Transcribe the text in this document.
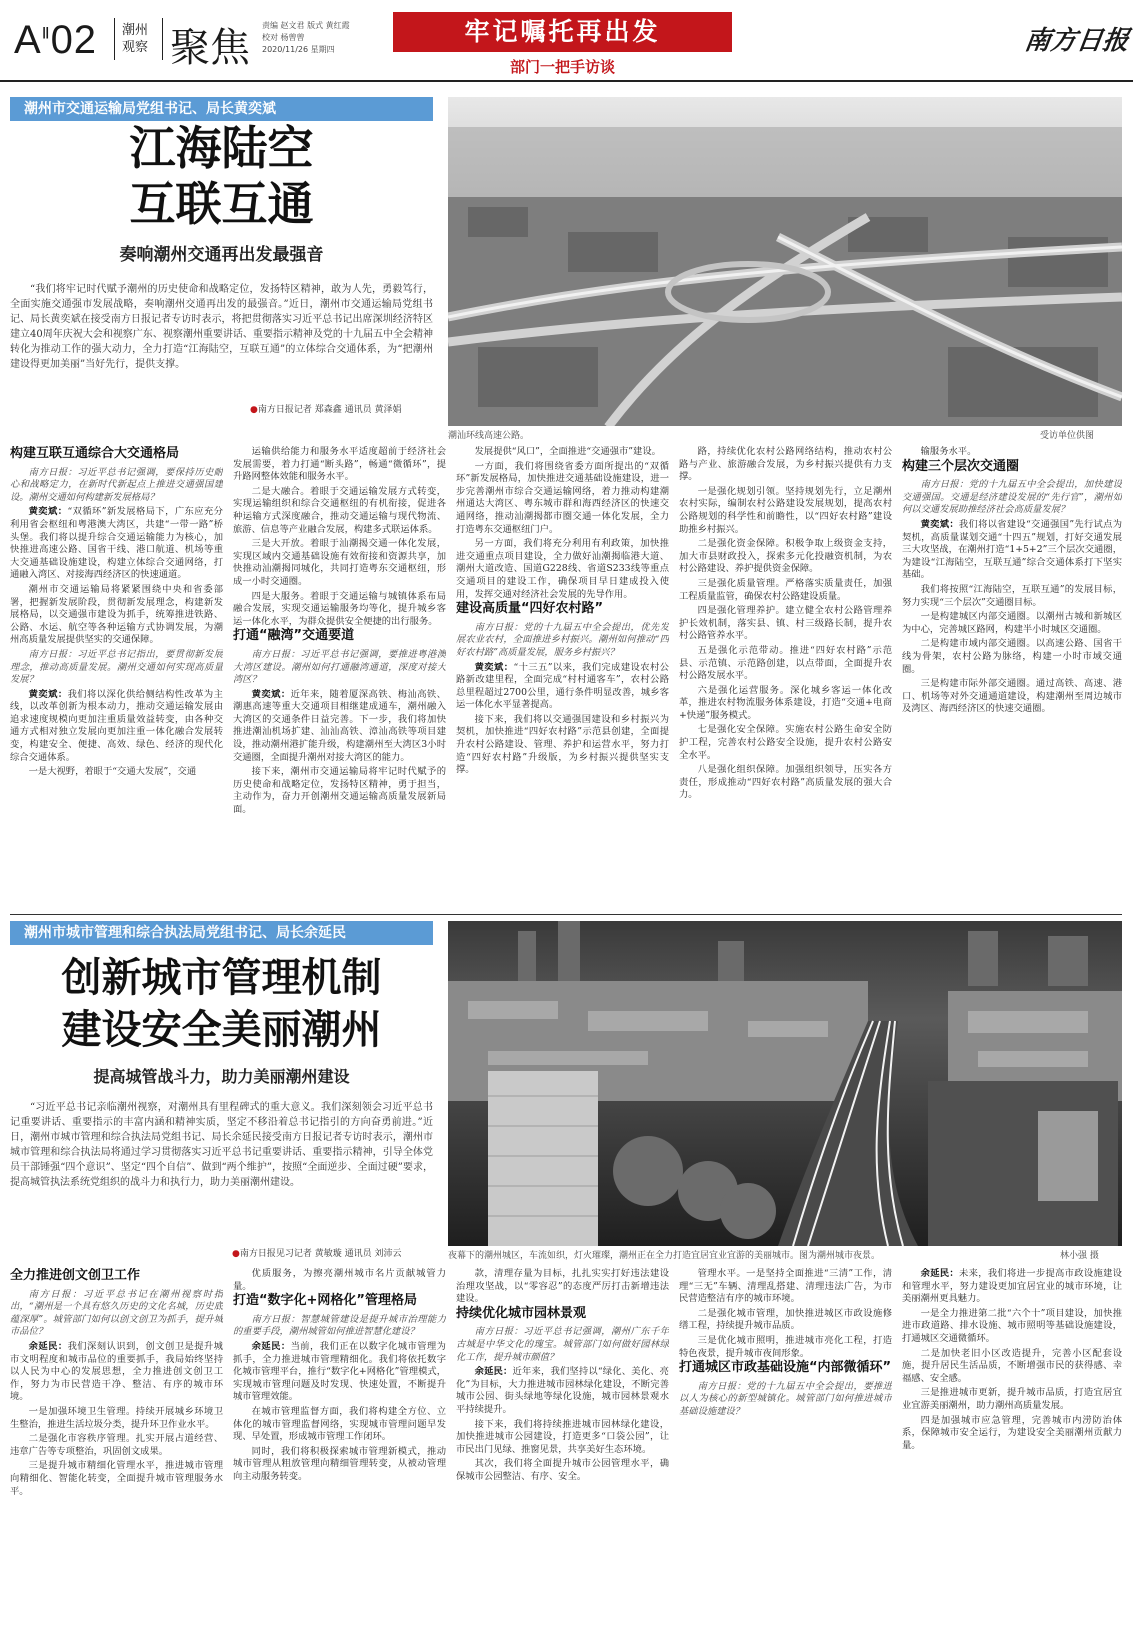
$A^Ⅱ02$ 潮州观察 聚焦 责编 赵文君 版式 黄红霞
校对 杨曾曾
2020/11/26 星期四
牢记嘱托再出发
部门一把手访谈
南方日报
潮州市交通运输局党组书记、局长黄奕斌
江海陆空
互联互通
奏响潮州交通再出发最强音
“我们将牢记时代赋予潮州的历史使命和战略定位，发扬特区精神，敢为人先，勇毅笃行，全面实施交通强市发展战略，奏响潮州交通再出发的最强音。”近日，潮州市交通运输局党组书记、局长黄奕斌在接受南方日报记者专访时表示，将把贯彻落实习近平总书记出席深圳经济特区建立40周年庆祝大会和视察广东、视察潮州重要讲话、重要指示精神及党的十九届五中全会精神转化为推动工作的强大动力，全力打造“江海陆空，互联互通”的立体综合交通体系，为“把潮州建设得更加美丽”当好先行，提供支撑。
●南方日报记者 郑森鑫 通讯员 黄泽娟
潮汕环线高速公路。	受访单位供图
构建互联互通综合大交通格局

南方日报：习近平总书记强调，要保持历史耐心和战略定力，在新时代新起点上推进交通强国建设。潮州交通如何构建新发展格局？

黄奕斌：“双循环”新发展格局下，广东应充分利用省会枢纽和粤港澳大湾区，共建“一带一路”桥头堡。我们将以提升综合交通运输能力为核心，加快推进高速公路、国省干线、港口航道、机场等重大交通基础设施建设，构建立体综合交通网络，打通融入湾区、对接海西经济区的快速通道。

潮州市交通运输局将紧紧围绕中央和省委部署，把握新发展阶段，贯彻新发展理念，构建新发展格局，以交通强市建设为抓手，统筹推进铁路、公路、水运、航空等各种运输方式协调发展，为潮州高质量发展提供坚实的交通保障。

南方日报：习近平总书记指出，要贯彻新发展理念，推动高质量发展。潮州交通如何实现高质量发展？

黄奕斌：我们将以深化供给侧结构性改革为主线，以改革创新为根本动力，推动交通运输发展由追求速度规模向更加注重质量效益转变，由各种交通方式相对独立发展向更加注重一体化融合发展转变，构建安全、便捷、高效、绿色、经济的现代化综合交通体系。

一是大视野，着眼于“交通大发展”，交通

运输供给能力和服务水平适度超前于经济社会发展需要，着力打通“断头路”，畅通“微循环”，提升路网整体效能和服务水平。

二是大融合。着眼于交通运输发展方式转变，实现运输组织和综合交通枢纽的有机衔接，促进各种运输方式深度融合，推动交通运输与现代物流、旅游、信息等产业融合发展，构建多式联运体系。

三是大开放。着眼于汕潮揭交通一体化发展，实现区域内交通基础设施有效衔接和资源共享，加快推动汕潮揭同城化，共同打造粤东交通枢纽，形成一小时交通圈。

四是大服务。着眼于交通运输与城镇体系布局融合发展，实现交通运输服务均等化，提升城乡客运一体化水平，为群众提供安全便捷的出行服务。

打通“融湾”交通要道

南方日报：习近平总书记强调，要推进粤港澳大湾区建设。潮州如何打通融湾通道，深度对接大湾区？

黄奕斌：近年来，随着厦深高铁、梅汕高铁、潮惠高速等重大交通项目相继建成通车，潮州融入大湾区的交通条件日益完善。下一步，我们将加快推进潮汕机场扩建、汕汕高铁、漳汕高铁等项目建设，推动潮州港扩能升级，构建潮州至大湾区3小时交通圈，全面提升潮州对接大湾区的能力。

接下来，潮州市交通运输局将牢记时代赋予的历史使命和战略定位，发扬特区精神，勇于担当，主动作为，奋力开创潮州交通运输高质量发展新局面。

发展提供“风口”，全面推进“交通强市”建设。

一方面，我们将围绕省委方面所提出的“双循环”新发展格局，加快推进交通基础设施建设，进一步完善潮州市综合交通运输网络，着力推动构建潮州通达大湾区、粤东城市群和海西经济区的快速交通网络，推动汕潮揭都市圈交通一体化发展，全力打造粤东交通枢纽门户。

另一方面，我们将充分利用有利政策，加快推进交通重点项目建设，全力做好汕潮揭临港大道、潮州大道改造、国道G228线、省道S233线等重点交通项目的建设工作，确保项目早日建成投入使用，发挥交通对经济社会发展的先导作用。

建设高质量“四好农村路”

南方日报：党的十九届五中全会提出，优先发展农业农村，全面推进乡村振兴。潮州如何推动“四好农村路”高质量发展，服务乡村振兴？

黄奕斌：“十三五”以来，我们完成建设农村公路新改建里程，全面完成“村村通客车”，农村公路总里程超过2700公里，通行条件明显改善，城乡客运一体化水平显著提高。

接下来，我们将以交通强国建设和乡村振兴为契机，加快推进“四好农村路”示范县创建，全面提升农村公路建设、管理、养护和运营水平，努力打造“四好农村路”升级版，为乡村振兴提供坚实支撑。

路，持续优化农村公路网络结构，推动农村公路与产业、旅游融合发展，为乡村振兴提供有力支撑。

一是强化规划引领。坚持规划先行，立足潮州农村实际，编制农村公路建设发展规划，提高农村公路规划的科学性和前瞻性，以“四好农村路”建设助推乡村振兴。

二是强化资金保障。积极争取上级资金支持，加大市县财政投入，探索多元化投融资机制，为农村公路建设、养护提供资金保障。

三是强化质量管理。严格落实质量责任，加强工程质量监管，确保农村公路建设质量。

四是强化管理养护。建立健全农村公路管理养护长效机制，落实县、镇、村三级路长制，提升农村公路管养水平。

五是强化示范带动。推进“四好农村路”示范县、示范镇、示范路创建，以点带面，全面提升农村公路发展水平。

六是强化运营服务。深化城乡客运一体化改革，推进农村物流服务体系建设，打造“交通+电商+快递”服务模式。

七是强化安全保障。实施农村公路生命安全防护工程，完善农村公路安全设施，提升农村公路安全水平。

八是强化组织保障。加强组织领导，压实各方责任，形成推动“四好农村路”高质量发展的强大合力。

输服务水平。

构建三个层次交通圈

南方日报：党的十九届五中全会提出，加快建设交通强国。交通是经济建设发展的“先行官”，潮州如何以交通发展助推经济社会高质量发展？

黄奕斌：我们将以省建设“交通强国”先行试点为契机，高质量谋划交通“十四五”规划，打好交通发展三大攻坚战，在潮州打造“1+5+2”三个层次交通圈，为建设“江海陆空，互联互通”综合交通体系打下坚实基础。

我们将按照“江海陆空，互联互通”的发展目标，努力实现“三个层次”交通圈目标。

一是构建城区内部交通圈。以潮州古城和新城区为中心，完善城区路网，构建半小时城区交通圈。

二是构建市域内部交通圈。以高速公路、国省干线为骨架，农村公路为脉络，构建一小时市域交通圈。

三是构建市际外部交通圈。通过高铁、高速、港口、机场等对外交通通道建设，构建潮州至周边城市及湾区、海西经济区的快速交通圈。

潮州市城市管理和综合执法局党组书记、局长余延民
创新城市管理机制
建设安全美丽潮州
提高城管战斗力，助力美丽潮州建设
“习近平总书记亲临潮州视察，对潮州具有里程碑式的重大意义。我们深刻领会习近平总书记重要讲话、重要指示的丰富内涵和精神实质，坚定不移沿着总书记指引的方向奋勇前进。”近日，潮州市城市管理和综合执法局党组书记、局长余延民接受南方日报记者专访时表示，潮州市城市管理和综合执法局将通过学习贯彻落实习近平总书记重要讲话、重要指示精神，引导全体党员干部锤强“四个意识”、坚定“四个自信”、做到“两个维护”，按照“全面逆步、全面过硬”要求，提高城管执法系统党组织的战斗力和执行力，助力美丽潮州建设。
●南方日报见习记者 黄敏璇 通讯员 刘沛云	夜幕下的潮州城区，车流如织，灯火璀璨，潮州正在全力打造宜居宜业宜游的美丽城市。图为潮州城市夜景。	林小强 摄
全力推进创文创卫工作

南方日报：习近平总书记在潮州视察时指出，“潮州是一个具有悠久历史的文化名城，历史底蕴深厚”。城管部门如何以创文创卫为抓手，提升城市品位？

余延民：我们深刻认识到，创文创卫是提升城市文明程度和城市品位的重要抓手，我局始终坚持以人民为中心的发展思想，全力推进创文创卫工作，努力为市民营造干净、整洁、有序的城市环境。

一是加强环境卫生管理。持续开展城乡环境卫生整治，推进生活垃圾分类，提升环卫作业水平。

二是强化市容秩序管理。扎实开展占道经营、违章广告等专项整治，巩固创文成果。

三是提升城市精细化管理水平，推进城市管理向精细化、智能化转变，全面提升城市管理服务水平。

优质服务，为擦亮潮州城市名片贡献城管力量。

打造“数字化+网格化”管理格局

南方日报：智慧城管建设是提升城市治理能力的重要手段，潮州城管如何推进智慧化建设？

余延民：当前，我们正在以数字化城市管理为抓手，全力推进城市管理精细化。我们将依托数字化城市管理平台，推行“数字化+网格化”管理模式，实现城市管理问题及时发现、快速处置，不断提升城市管理效能。

在城市管理监督方面，我们将构建全方位、立体化的城市管理监督网络，实现城市管理问题早发现、早处置，形成城市管理工作闭环。

同时，我们将积极探索城市管理新模式，推动城市管理从粗放管理向精细管理转变，从被动管理向主动服务转变。

款，清理存量为目标，扎扎实实打好违法建设治理攻坚战，以“零容忍”的态度严厉打击新增违法建设。

持续优化城市园林景观

南方日报：习近平总书记强调，潮州广东千年古城是中华文化的瑰宝。城管部门如何做好园林绿化工作，提升城市颜值？

余延民：近年来，我们坚持以“绿化、美化、亮化”为目标，大力推进城市园林绿化建设，不断完善城市公园、街头绿地等绿化设施，城市园林景观水平持续提升。

接下来，我们将持续推进城市园林绿化建设，加快推进城市公园建设，打造更多“口袋公园”，让市民出门见绿、推窗见景，共享美好生态环境。

其次，我们将全面提升城市公园管理水平，确保城市公园整洁、有序、安全。

管理水平。一是坚持全面推进“三清”工作，清理“三无”车辆、清理乱搭建、清理违法广告，为市民营造整洁有序的城市环境。

二是强化城市管理，加快推进城区市政设施修缮工程，持续提升城市品质。

三是优化城市照明，推进城市亮化工程，打造特色夜景，提升城市夜间形象。

打通城区市政基础设施“内部微循环”

南方日报：党的十九届五中全会提出，要推进以人为核心的新型城镇化。城管部门如何推进城市基础设施建设？

余延民：未来，我们将进一步提高市政设施建设和管理水平，努力建设更加宜居宜业的城市环境，让美丽潮州更具魅力。

一是全力推进第二批“六个十”项目建设，加快推进市政道路、排水设施、城市照明等基础设施建设，打通城区交通微循环。

二是加快老旧小区改造提升，完善小区配套设施，提升居民生活品质，不断增强市民的获得感、幸福感、安全感。

三是推进城市更新，提升城市品质，打造宜居宜业宜游美丽潮州，助力潮州高质量发展。

四是加强城市应急管理，完善城市内涝防治体系，保障城市安全运行，为建设安全美丽潮州贡献力量。
